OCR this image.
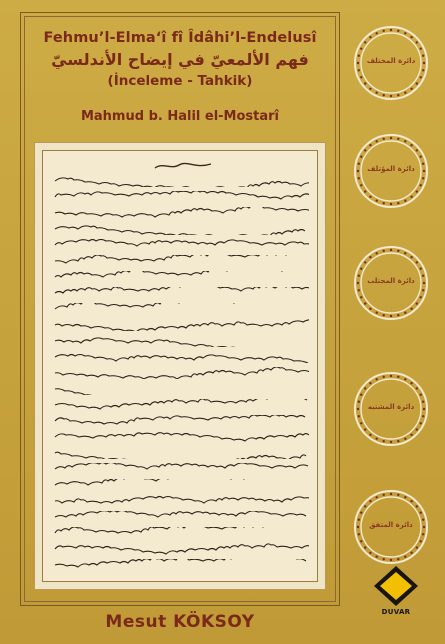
Fehmu’l-Elma‘î fî Îdâhi’l-Endelusî

فهم الألمعيّ في إيضاح الأندلسيّ

(İnceleme - Tahkik)

Mahmud b. Halil el-Mostarî
دائرة المختلف
دائرة المؤتلف
دائرة المجتلب
دائرة المشتبه
دائرة المتفق
DUVAR
Mesut KÖKSOY
